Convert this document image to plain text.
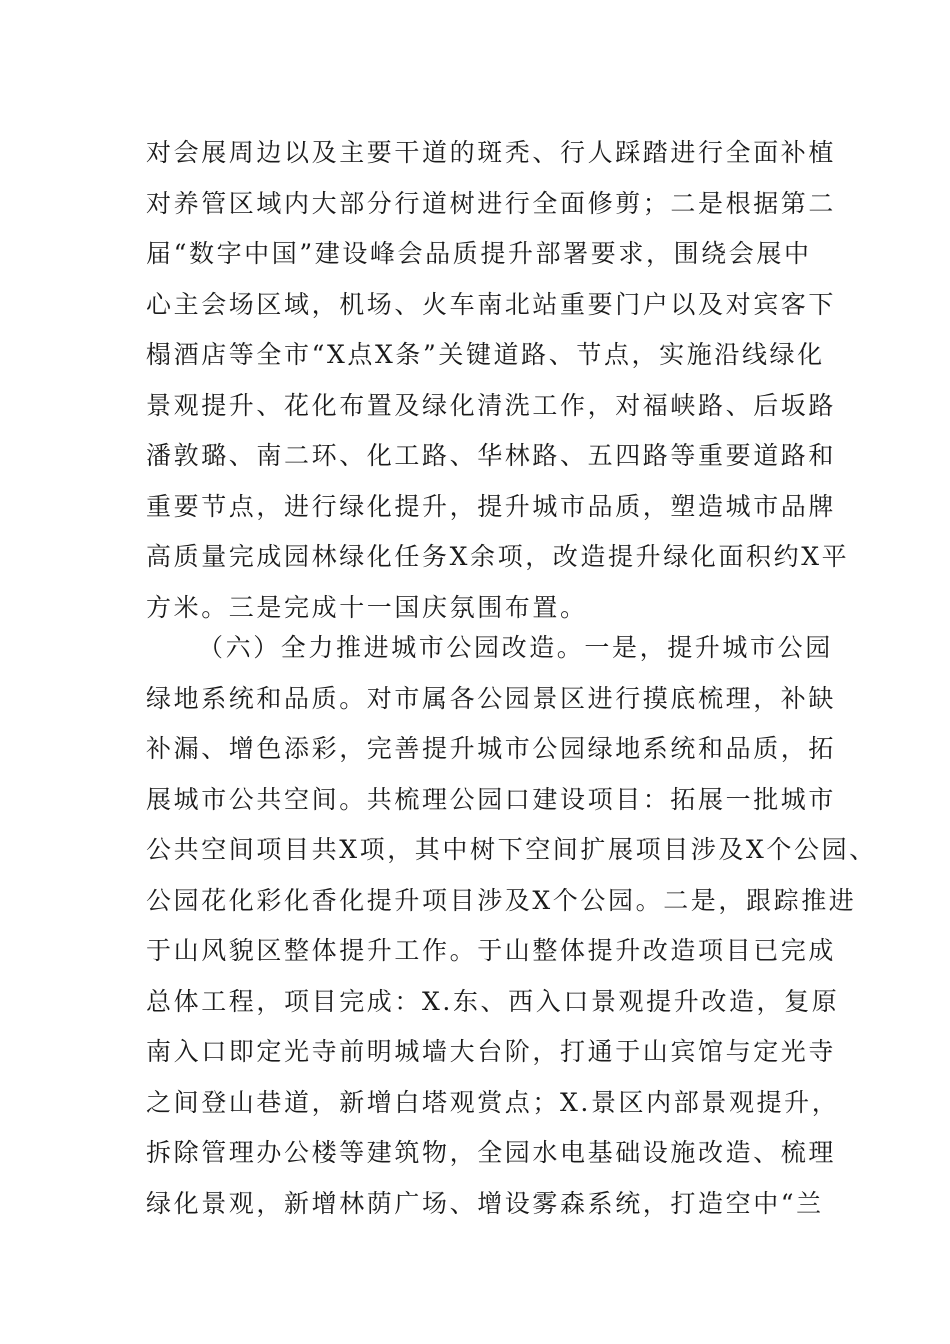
对会展周边以及主要干道的斑秃、行人踩踏进行全面补植
对养管区域内大部分行道树进行全面修剪；二是根据第二
届“数字中国”建设峰会品质提升部署要求，围绕会展中
心主会场区域，机场、火车南北站重要门户以及对宾客下
榻酒店等全市“X点X条”关键道路、节点，实施沿线绿化
景观提升、花化布置及绿化清洗工作，对福峡路、后坂路
潘敦璐、南二环、化工路、华林路、五四路等重要道路和
重要节点，进行绿化提升，提升城市品质，塑造城市品牌
高质量完成园林绿化任务X余项，改造提升绿化面积约X平
方米。三是完成十一国庆氛围布置。
（六）全力推进城市公园改造。一是，提升城市公园
绿地系统和品质。对市属各公园景区进行摸底梳理，补缺
补漏、增色添彩，完善提升城市公园绿地系统和品质，拓
展城市公共空间。共梳理公园口建设项目：拓展一批城市
公共空间项目共X项，其中树下空间扩展项目涉及X个公园、
公园花化彩化香化提升项目涉及X个公园。二是，跟踪推进
于山风貌区整体提升工作。于山整体提升改造项目已完成
总体工程，项目完成：X.东、西入口景观提升改造，复原
南入口即定光寺前明城墙大台阶，打通于山宾馆与定光寺
之间登山巷道，新增白塔观赏点；X.景区内部景观提升，
拆除管理办公楼等建筑物，全园水电基础设施改造、梳理
绿化景观，新增林荫广场、增设雾森系统，打造空中“兰
